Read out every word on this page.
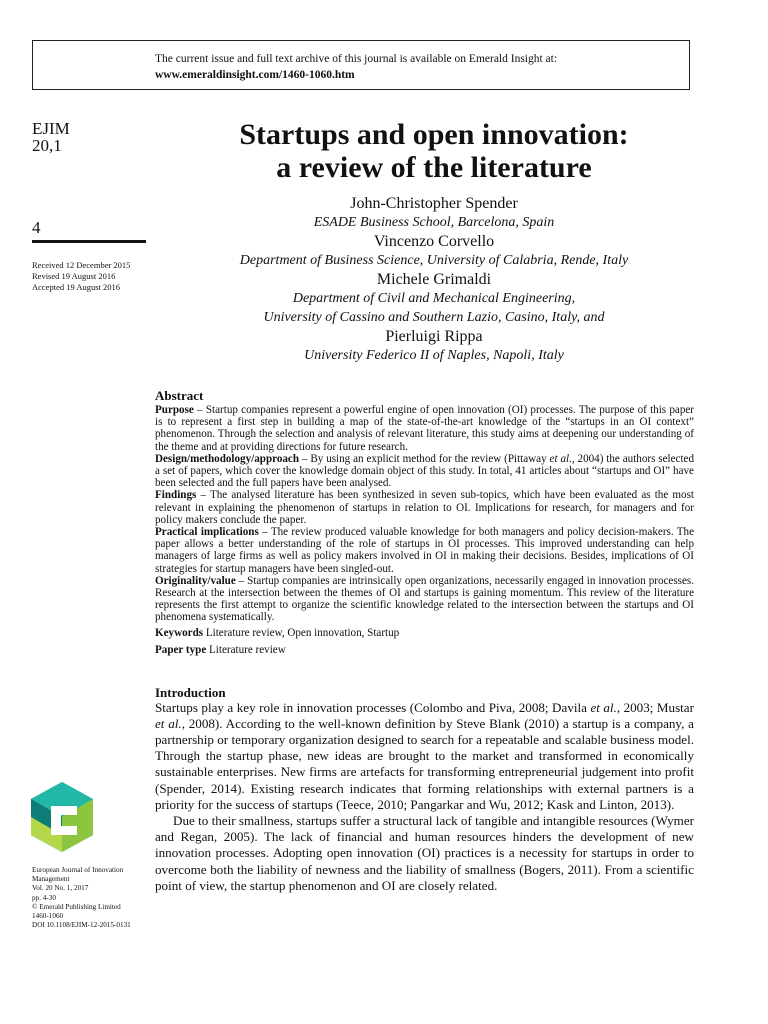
The current issue and full text archive of this journal is available on Emerald Insight at:
www.emeraldinsight.com/1460-1060.htm
EJIM
20,1
4
Received 12 December 2015
Revised 19 August 2016
Accepted 19 August 2016
European Journal of Innovation
Management
Vol. 20 No. 1, 2017
pp. 4-30
© Emerald Publishing Limited
1460-1060
DOI 10.1108/EJIM-12-2015-0131
Startups and open innovation:
a review of the literature
John-Christopher Spender
ESADE Business School, Barcelona, Spain
Vincenzo Corvello
Department of Business Science, University of Calabria, Rende, Italy
Michele Grimaldi
Department of Civil and Mechanical Engineering,
University of Cassino and Southern Lazio, Casino, Italy, and
Pierluigi Rippa
University Federico II of Naples, Napoli, Italy
Abstract

Purpose – Startup companies represent a powerful engine of open innovation (OI) processes. The purpose of this paper is to represent a first step in building a map of the state-of-the-art knowledge of the “startups in an OI context” phenomenon. Through the selection and analysis of relevant literature, this study aims at deepening our understanding of the theme and at providing directions for future research.

Design/methodology/approach – By using an explicit method for the review (Pittaway et al., 2004) the authors selected a set of papers, which cover the knowledge domain object of this study. In total, 41 articles about “startups and OI” have been selected and the full papers have been analysed.

Findings – The analysed literature has been synthesized in seven sub-topics, which have been evaluated as the most relevant in explaining the phenomenon of startups in relation to OI. Implications for research, for managers and for policy makers conclude the paper.

Practical implications – The review produced valuable knowledge for both managers and policy decision-makers. The paper allows a better understanding of the role of startups in OI processes. This improved understanding can help managers of large firms as well as policy makers involved in OI in making their decisions. Besides, implications of OI strategies for startup managers have been singled-out.

Originality/value – Startup companies are intrinsically open organizations, necessarily engaged in innovation processes. Research at the intersection between the themes of OI and startups is gaining momentum. This review of the literature represents the first attempt to organize the scientific knowledge related to the intersection between the startups and OI phenomena systematically.

Keywords Literature review, Open innovation, Startup
Paper type Literature review
Introduction

Startups play a key role in innovation processes (Colombo and Piva, 2008; Davila et al., 2003; Mustar et al., 2008). According to the well-known definition by Steve Blank (2010) a startup is a company, a partnership or temporary organization designed to search for a repeatable and scalable business model. Through the startup phase, new ideas are brought to the market and transformed in economically sustainable enterprises. New firms are artefacts for transforming entrepreneurial judgement into profit (Spender, 2014). Existing research indicates that forming relationships with external partners is a priority for the success of startups (Teece, 2010; Pangarkar and Wu, 2012; Kask and Linton, 2013).

Due to their smallness, startups suffer a structural lack of tangible and intangible resources (Wymer and Regan, 2005). The lack of financial and human resources hinders the development of new innovation processes. Adopting open innovation (OI) practices is a necessity for startups in order to overcome both the liability of newness and the liability of smallness (Bogers, 2011). From a scientific point of view, the startup phenomenon and OI are closely related.
